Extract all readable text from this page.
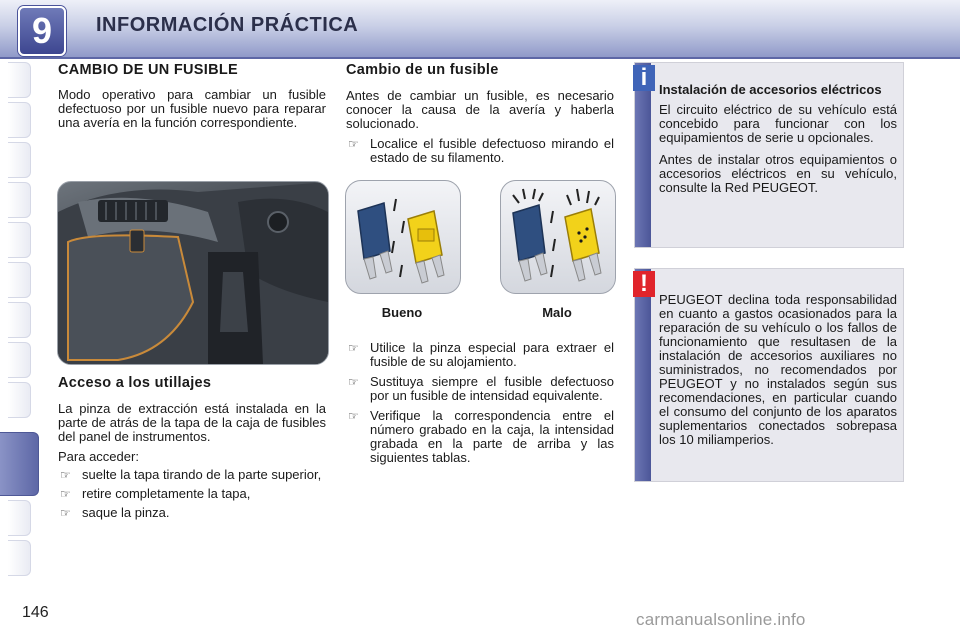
9	INFORMACIÓN PRÁCTICA
146
CAMBIO DE UN FUSIBLE

Modo operativo para cambiar un fusible defectuoso por un fusible nuevo para reparar una avería en la función correspondiente.

Acceso a los utillajes

La pinza de extracción está instalada en la parte de atrás de la tapa de la caja de fusibles del panel de instrumentos.

Para acceder:

☞ suelte la tapa tirando de la parte superior,
☞ retire completamente la tapa,
☞ saque la pinza.
Cambio de un fusible

Antes de cambiar un fusible, es necesario conocer la causa de la avería y haberla solucionado.

☞ Localice el fusible defectuoso mirando el estado de su filamento.
Bueno	Malo
☞ Utilice la pinza especial para extraer el fusible de su alojamiento.
☞ Sustituya siempre el fusible defectuoso por un fusible de intensidad equivalente.
☞ Verifique la correspondencia entre el número grabado en la caja, la intensidad grabada en la parte de arriba y las siguientes tablas.
i Instalación de accesorios eléctricos

El circuito eléctrico de su vehículo está concebido para funcionar con los equipamientos de serie u opcionales.

Antes de instalar otros equipamientos o accesorios eléctricos en su vehículo, consulte la Red PEUGEOT.

!

PEUGEOT declina toda responsabilidad en cuanto a gastos ocasionados para la reparación de su vehículo o los fallos de funcionamiento que resultasen de la instalación de accesorios auxiliares no suministrados, no recomendados por PEUGEOT y no instalados según sus recomendaciones, en particular cuando el consumo del conjunto de los aparatos suplementarios conectados sobrepasa los 10 miliamperios.

carmanualsonline.info
